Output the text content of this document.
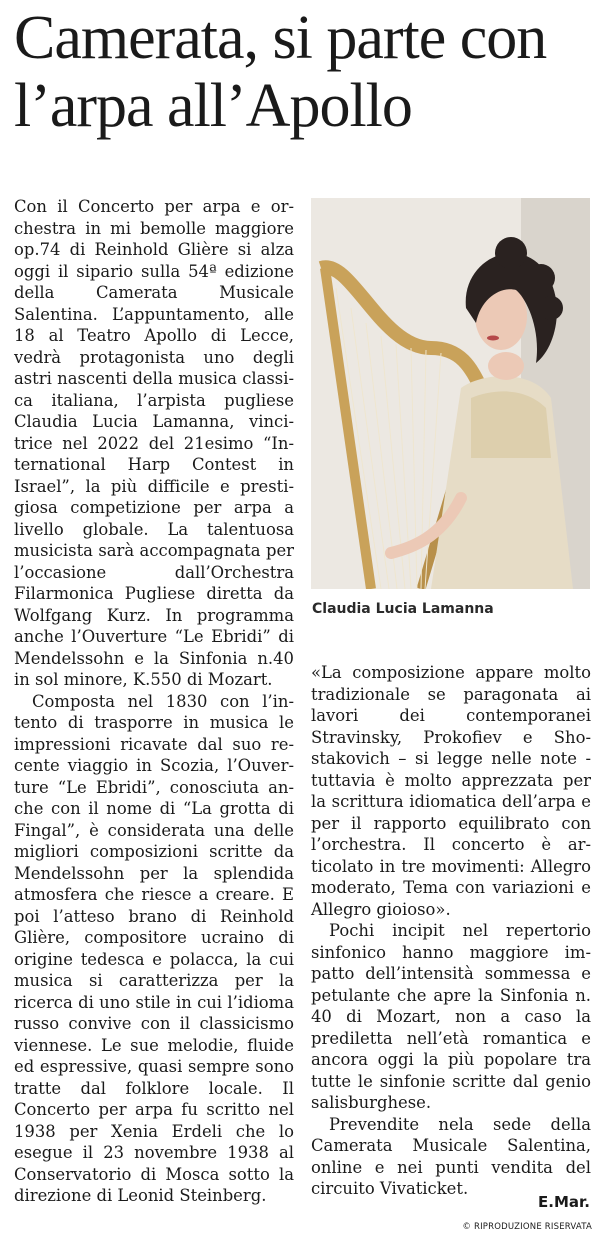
Camerata, si parte con l’arpa all’Apollo

Con il Concerto per arpa e orchestra in mi bemolle maggiore op.74 di Reinhold Glière si alza oggi il sipario sulla 54ª edizione della Camerata Musicale Salentina. L’appuntamento, alle 18 al Teatro Apollo di Lecce, vedrà protagonista uno degli astri nascenti della musica classica italiana, l’arpista pugliese Claudia Lucia Lamanna, vincitrice nel 2022 del 21esimo “International Harp Contest in Israel”, la più difficile e prestigiosa competizione per arpa a livello globale. La talentuosa musicista sarà accompagnata per l’occasione dall’Orchestra Filarmonica Pugliese diretta da Wolfgang Kurz. In programma anche l’Ouverture “Le Ebridi” di Mendelssohn e la Sinfonia n.40 in sol minore, K.550 di Mozart.

Composta nel 1830 con l’intento di trasporre in musica le impressioni ricavate dal suo recente viaggio in Scozia, l’Ouverture “Le Ebridi”, conosciuta anche con il nome di “La grotta di Fingal”, è considerata una delle migliori composizioni scritte da Mendelssohn per la splendida atmosfera che riesce a creare. E poi l’atteso brano di Reinhold Glière, compositore ucraino di origine tedesca e polacca, la cui musica si caratterizza per la ricerca di uno stile in cui l’idioma russo convive con il classicismo viennese. Le sue melodie, fluide ed espressive, quasi sempre sono tratte dal folklore locale. Il Concerto per arpa fu scritto nel 1938 per Xenia Erdeli che lo esegue il 23 novembre 1938 al Conservatorio di Mosca sotto la direzione di Leonid Steinberg.

Claudia Lucia Lamanna

«La composizione appare molto tradizionale se paragonata ai lavori dei contemporanei Stravinsky, Prokofiev e Shostakovich – si legge nelle note - tuttavia è molto apprezzata per la scrittura idiomatica dell’arpa e per il rapporto equilibrato con l’orchestra. Il concerto è articolato in tre movimenti: Allegro moderato, Tema con variazioni e Allegro gioioso».

Pochi incipit nel repertorio sinfonico hanno maggiore impatto dell’intensità sommessa e petulante che apre la Sinfonia n. 40 di Mozart, non a caso la prediletta nell’età romantica e ancora oggi la più popolare tra tutte le sinfonie scritte dal genio salisburghese.

Prevendite nela sede della Camerata Musicale Salentina, online e nei punti vendita del circuito Vivaticket.

E.Mar.
© RIPRODUZIONE RISERVATA
